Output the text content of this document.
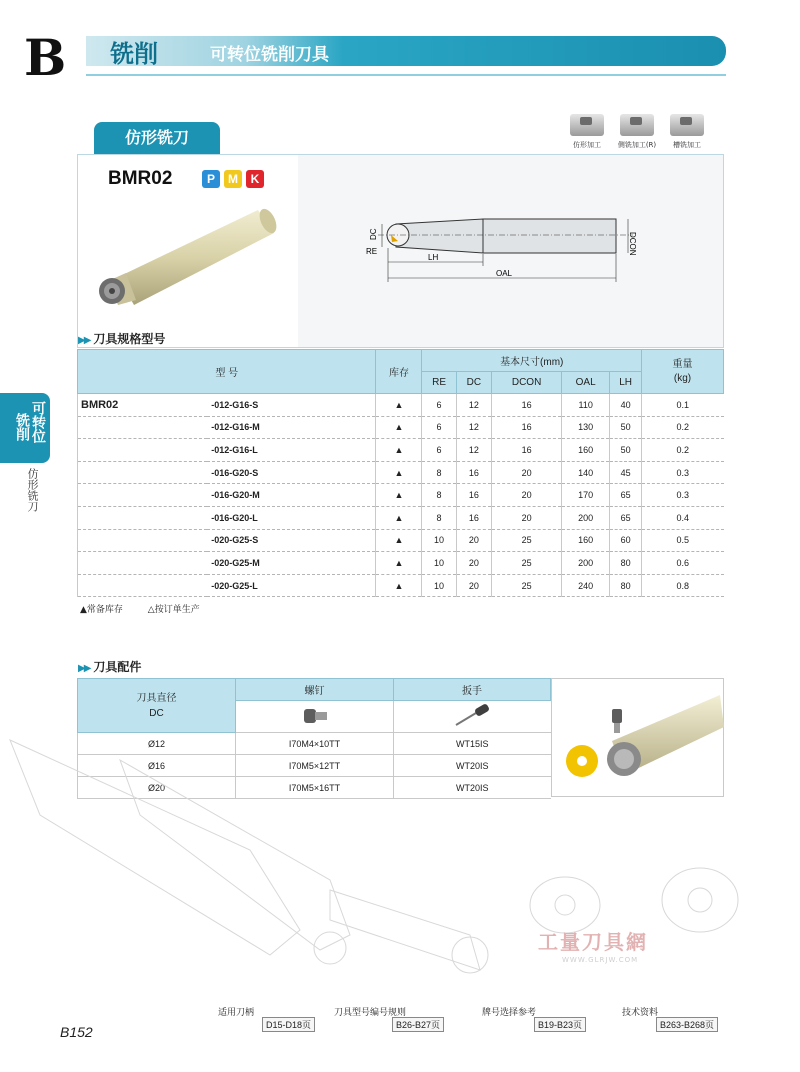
B 铣削	可转位铣削刀具
铣削 可转位
仿形铣刀
仿形铣刀	仿形加工	侧铣加工(R)	槽铣加工
BMR02	P	M	K
DC
RE
LH
OAL
DCON
▶▶ 刀具规格型号
型 号		库存	基本尺寸(mm)					重量
(kg)
			RE	DC	DCON	OAL	LH	
BMR02	-012-G16-S	▲	6	12	16	110	40	0.1
	-012-G16-M	▲	6	12	16	130	50	0.2
	-012-G16-L	▲	6	12	16	160	50	0.2
	-016-G20-S	▲	8	16	20	140	45	0.3
	-016-G20-M	▲	8	16	20	170	65	0.3
	-016-G20-L	▲	8	16	20	200	65	0.4
	-020-G25-S	▲	10	20	25	160	60	0.5
	-020-G25-M	▲	10	20	25	200	80	0.6
	-020-G25-L	▲	10	20	25	240	80	0.8
▲常备库存	△按订单生产
▶▶ 刀具配件
刀具直径
DC	螺钉	扳手

Ø12	I70M4×10TT	WT15IS
Ø16	I70M5×12TT	WT20IS
Ø20	I70M5×16TT	WT20IS
工量刀具網
WWW.GLRJW.COM
适用刀柄
D15-D18页
刀具型号编号规则
B26-B27页
牌号选择参考
B19-B23页
技术资料
B263-B268页
B152
